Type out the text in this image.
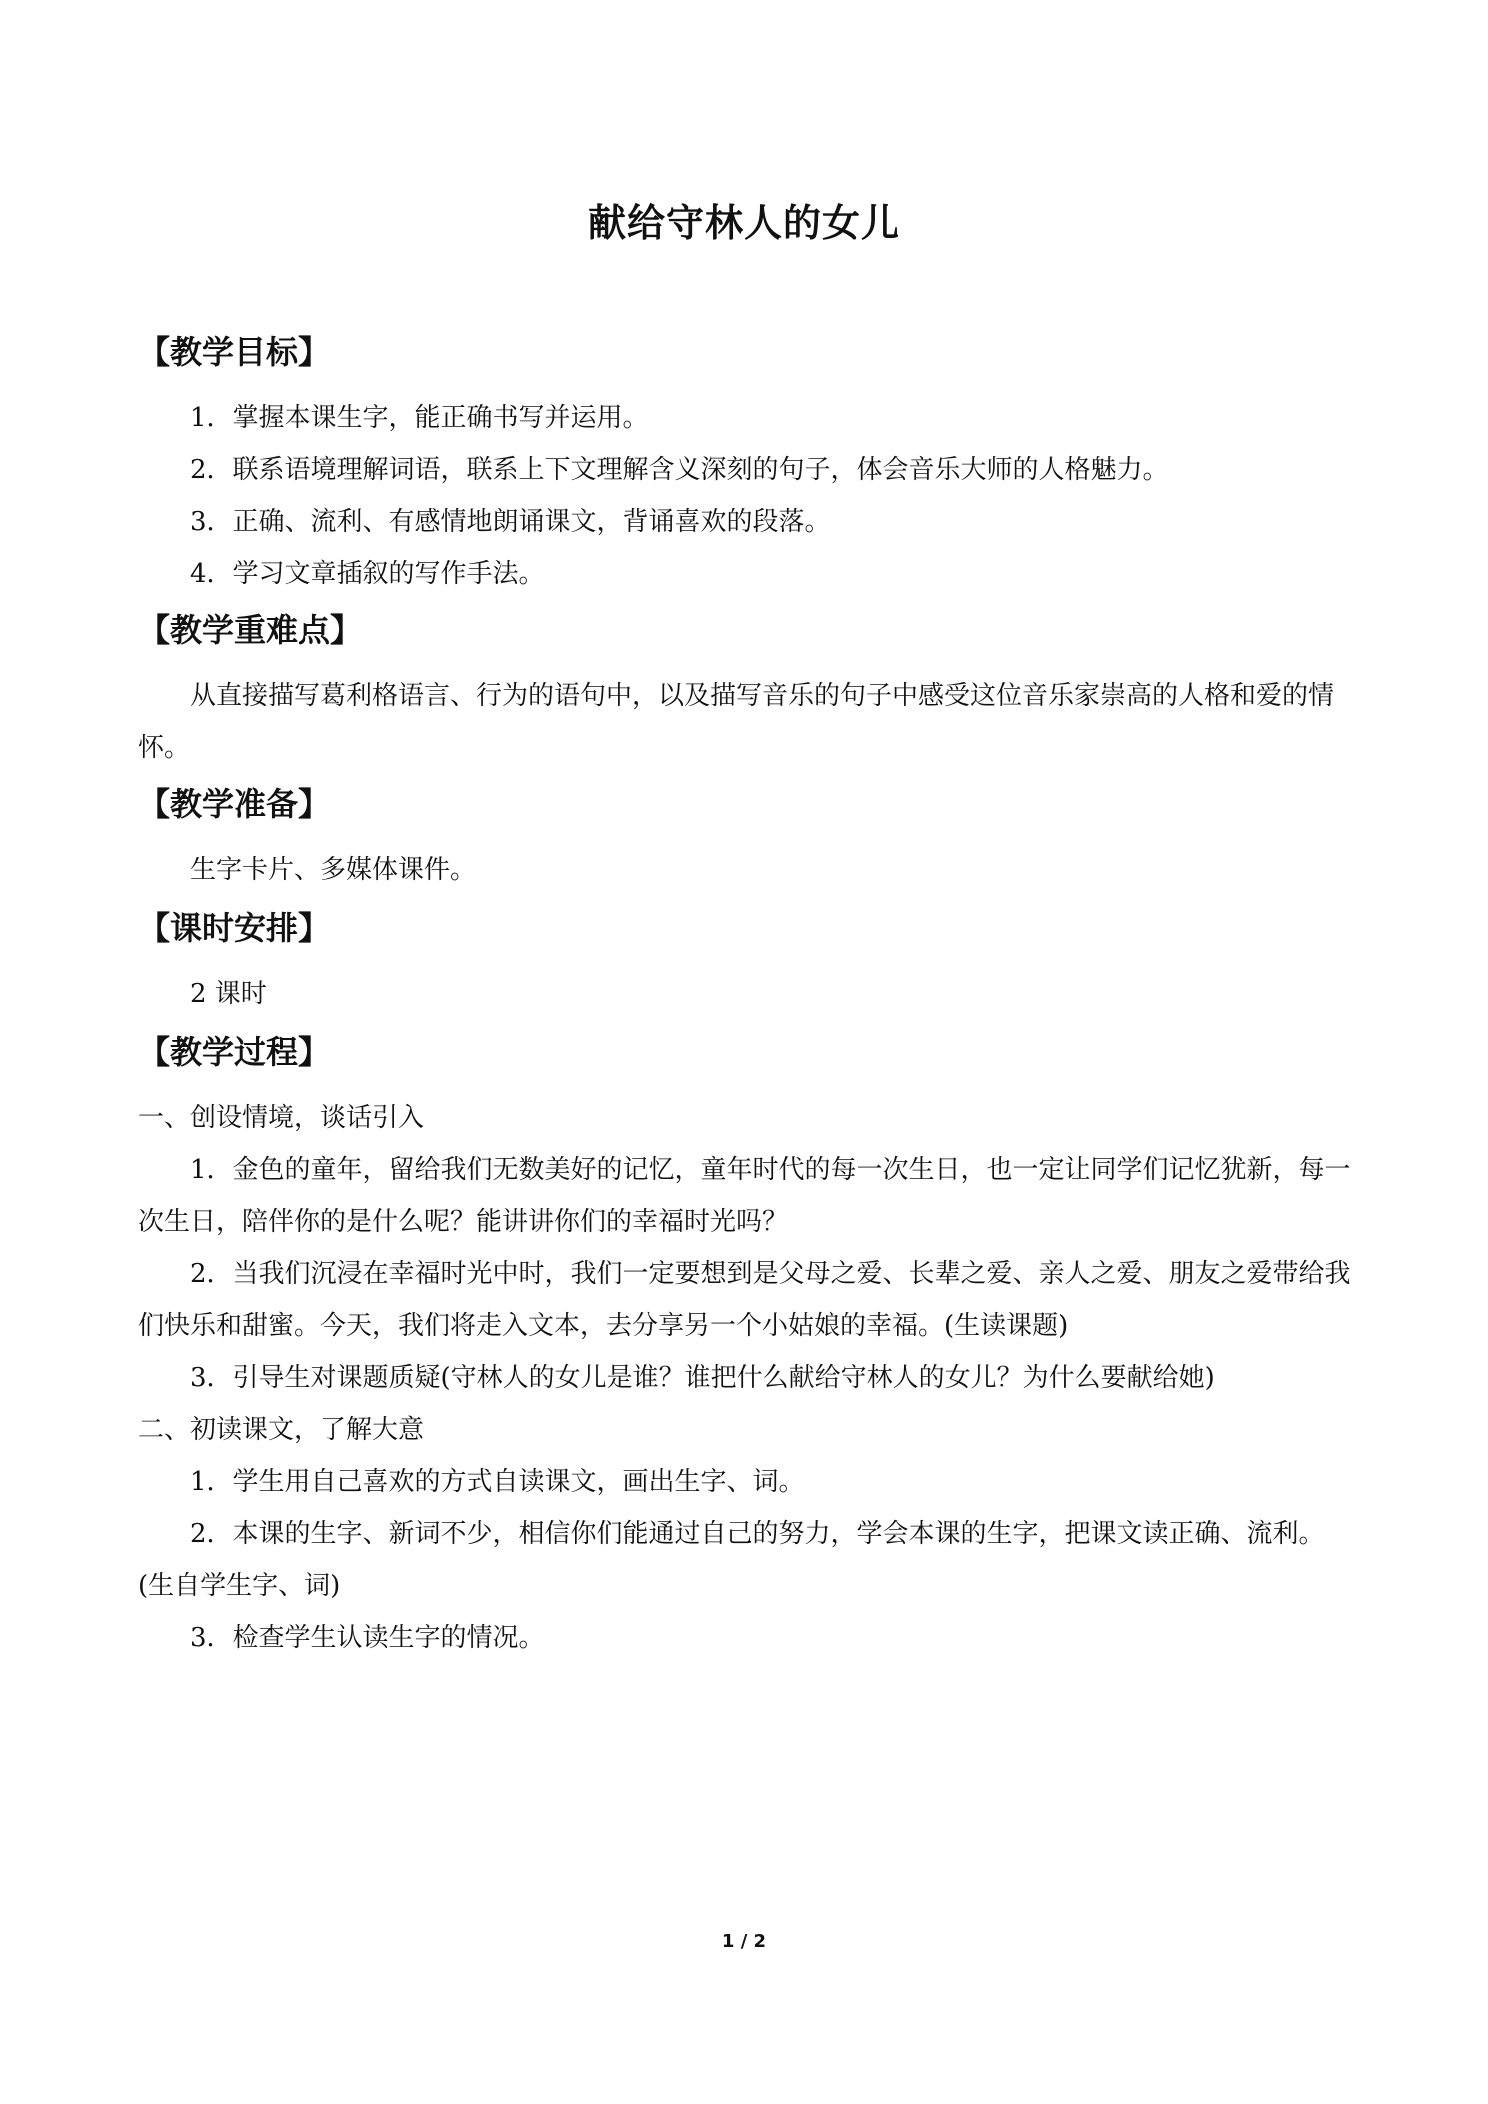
献给守林人的女儿
【教学目标】

1．掌握本课生字，能正确书写并运用。

2．联系语境理解词语，联系上下文理解含义深刻的句子，体会音乐大师的人格魅力。

3．正确、流利、有感情地朗诵课文，背诵喜欢的段落。

4．学习文章插叙的写作手法。

【教学重难点】

从直接描写葛利格语言、行为的语句中，以及描写音乐的句子中感受这位音乐家崇高的人格和爱的情怀。

【教学准备】

生字卡片、多媒体课件。

【课时安排】

2 课时

【教学过程】

一、创设情境，谈话引入

1．金色的童年，留给我们无数美好的记忆，童年时代的每一次生日，也一定让同学们记忆犹新，每一次生日，陪伴你的是什么呢？能讲讲你们的幸福时光吗？

2．当我们沉浸在幸福时光中时，我们一定要想到是父母之爱、长辈之爱、亲人之爱、朋友之爱带给我们快乐和甜蜜。今天，我们将走入文本，去分享另一个小姑娘的幸福。(生读课题)

3．引导生对课题质疑(守林人的女儿是谁？谁把什么献给守林人的女儿？为什么要献给她)

二、初读课文，了解大意

1．学生用自己喜欢的方式自读课文，画出生字、词。

2．本课的生字、新词不少，相信你们能通过自己的努力，学会本课的生字，把课文读正确、流利。(生自学生字、词)

3．检查学生认读生字的情况。

1 / 2
